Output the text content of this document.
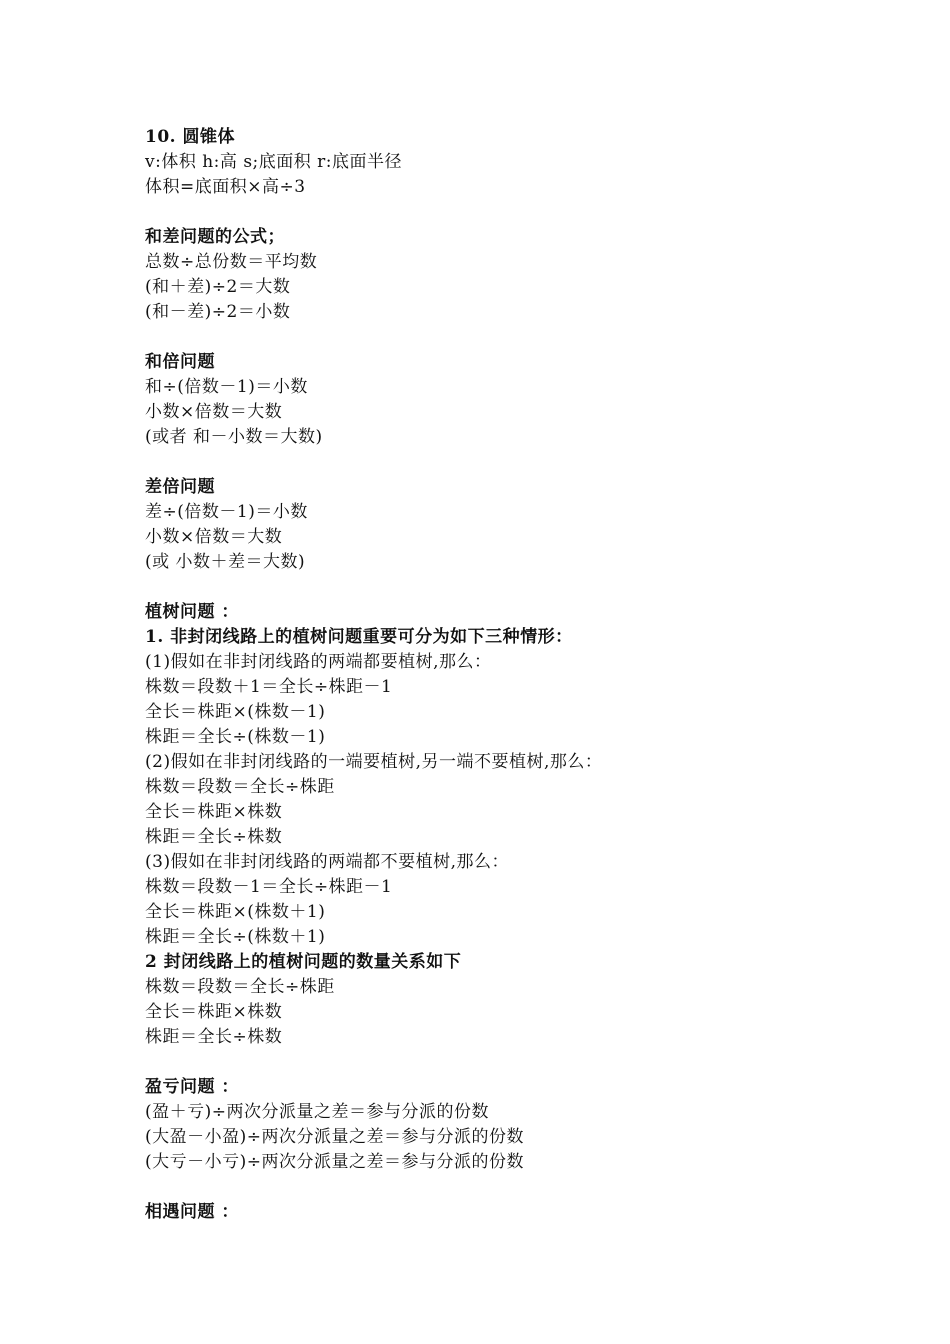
10. 圆锥体
v:体积 h:高 s;底面积 r:底面半径
体积=底面积×高÷3
和差问题的公式；
总数÷总份数＝平均数
(和＋差)÷2＝大数
(和－差)÷2＝小数
和倍问题
和÷(倍数－1)＝小数
小数×倍数＝大数
(或者 和－小数＝大数)
差倍问题
差÷(倍数－1)＝小数
小数×倍数＝大数
(或 小数＋差＝大数)
植树问题 ：
1. 非封闭线路上的植树问题重要可分为如下三种情形：
(1)假如在非封闭线路的两端都要植树,那么：
株数＝段数＋1＝全长÷株距－1
全长＝株距×(株数－1)
株距＝全长÷(株数－1)
(2)假如在非封闭线路的一端要植树,另一端不要植树,那么：
株数＝段数＝全长÷株距
全长＝株距×株数
株距＝全长÷株数
(3)假如在非封闭线路的两端都不要植树,那么：
株数＝段数－1＝全长÷株距－1
全长＝株距×(株数＋1)
株距＝全长÷(株数＋1)
2 封闭线路上的植树问题的数量关系如下
株数＝段数＝全长÷株距
全长＝株距×株数
株距＝全长÷株数
盈亏问题 ：
(盈＋亏)÷两次分派量之差＝参与分派的份数
(大盈－小盈)÷两次分派量之差＝参与分派的份数
(大亏－小亏)÷两次分派量之差＝参与分派的份数
相遇问题 ：
